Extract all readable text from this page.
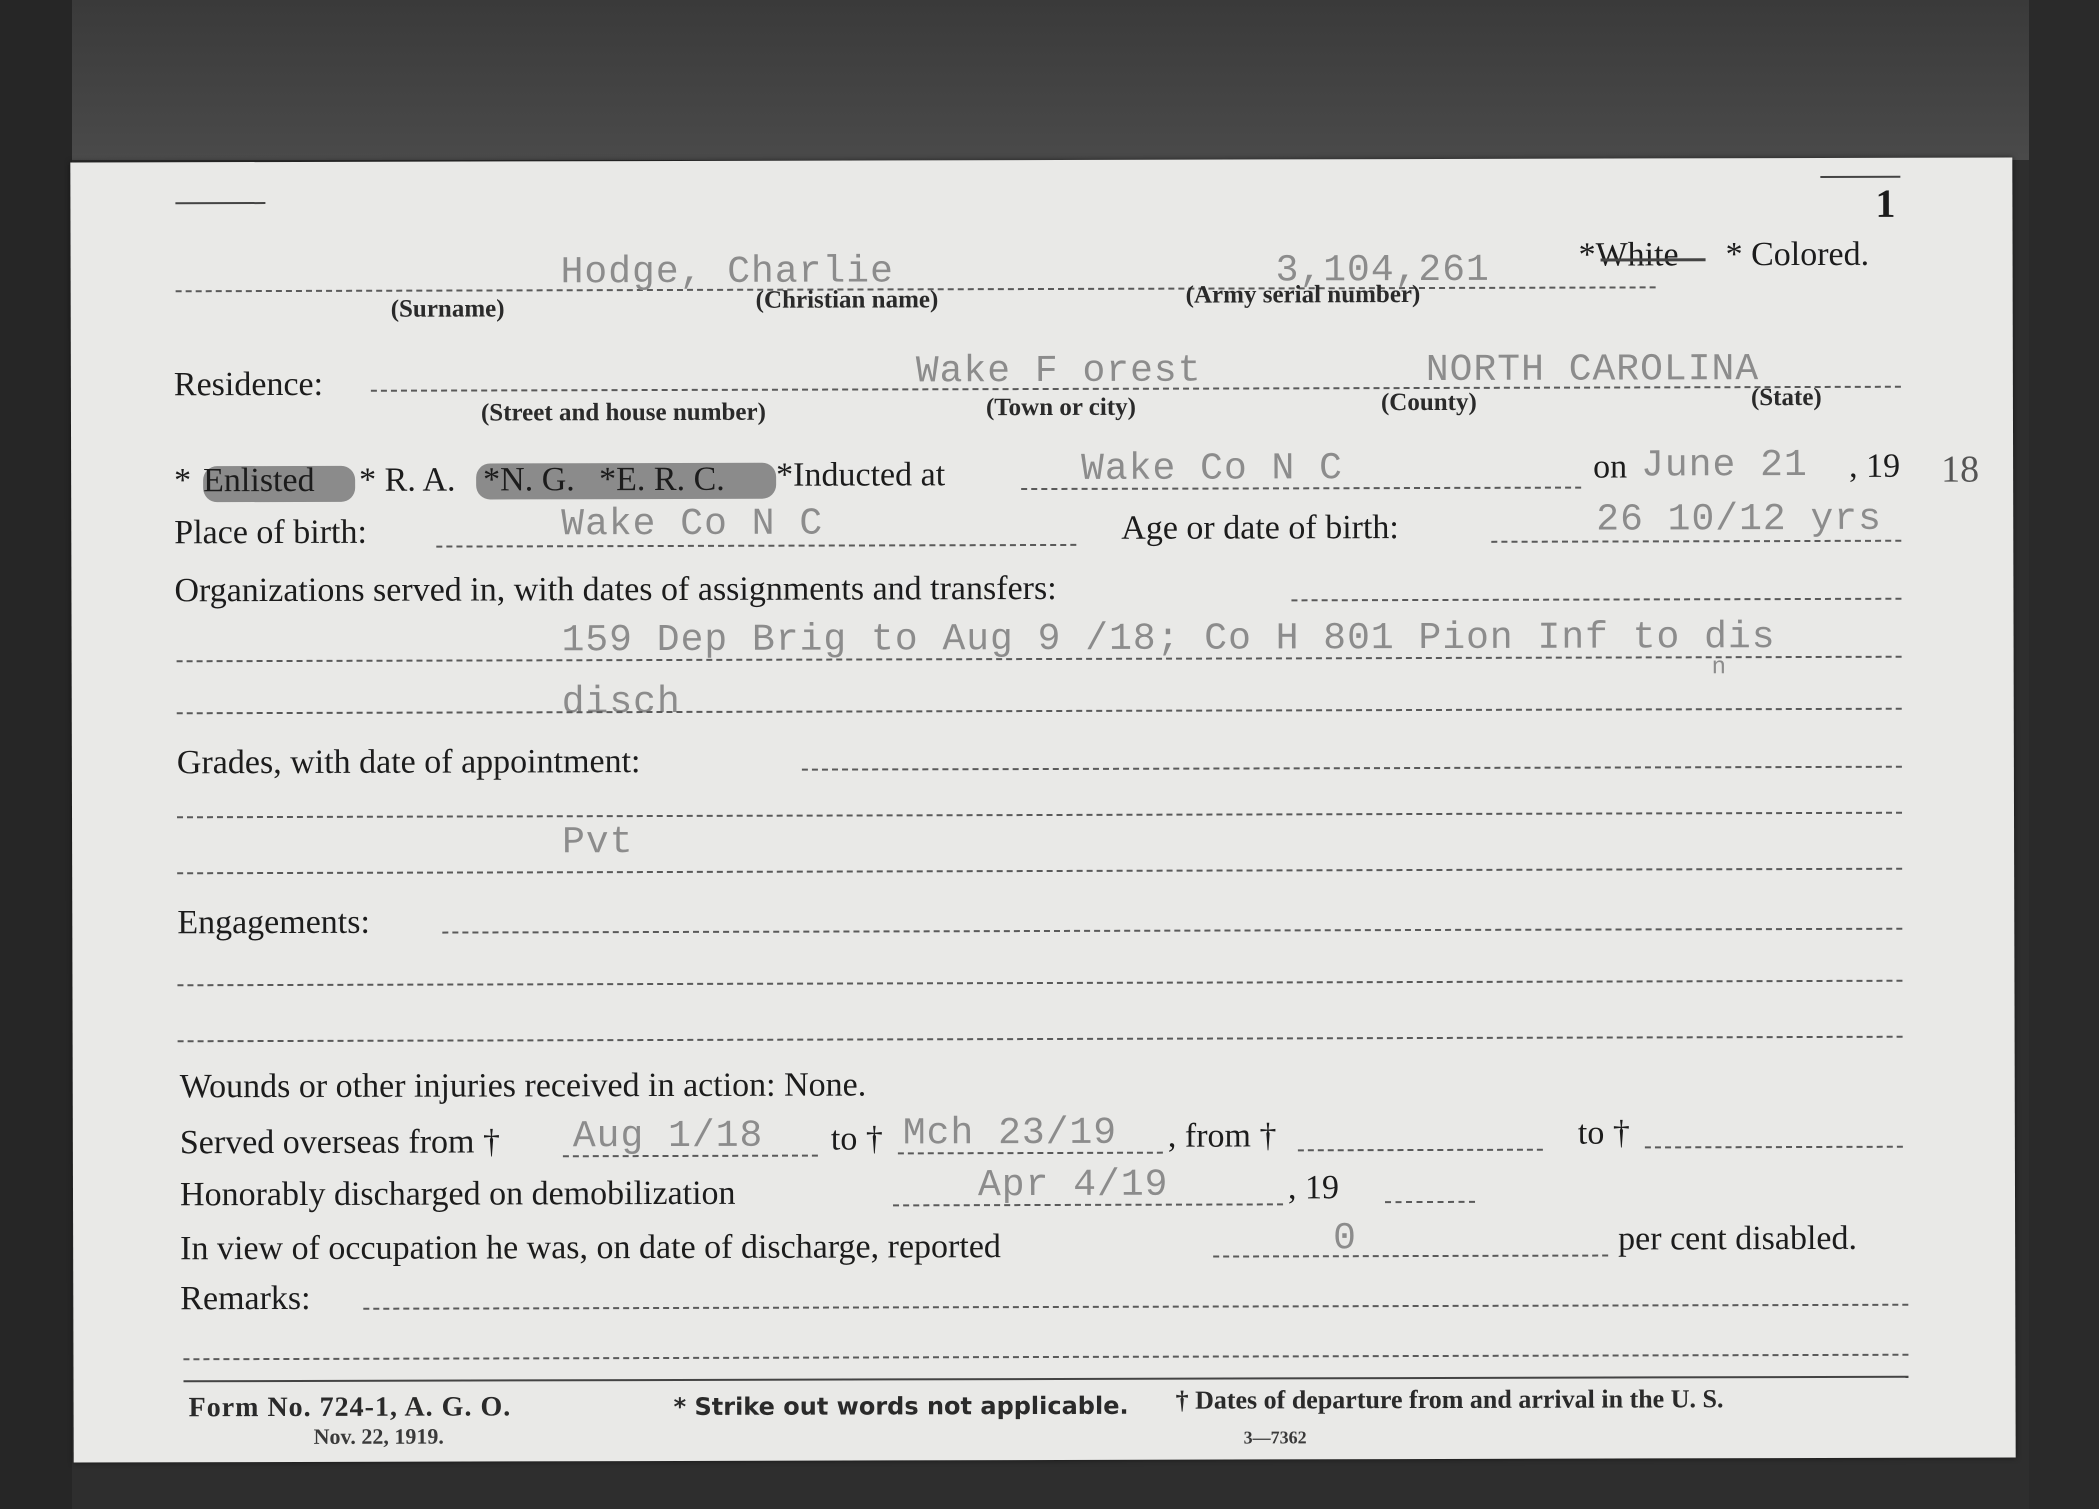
1
Hodge, Charlie	3,104,261	*White * Colored.
(Surname)	(Christian name)	(Army serial number)
Residence:	Wake F orest	NORTH CAROLINA
(Street and house number)	(Town or city)	(County)	(State)
* Enlisted * R. A. *N. G. *E. R. C. *Inducted at	Wake Co N C	on June 21 , 19 18
Place of birth:	Wake Co N C	Age or date of birth:	26 10/12 yrs
Organizations served in, with dates of assignments and transfers:
159 Dep Brig to Aug 9 /18; Co H 801 Pion Inf to dis
n
disch
Grades, with date of appointment:
Pvt
Engagements:
Wounds or other injuries received in action: None.
Served overseas from † Aug 1/18 to † Mch 23/19 , from †	to †
Honorably discharged on demobilization	Apr 4/19	, 19
In view of occupation he was, on date of discharge, reported	0	per cent disabled.
Remarks:
Form No. 724-1, A. G. O.
Nov. 22, 1919.
* Strike out words not applicable. † Dates of departure from and arrival in the U. S.
3—7362
